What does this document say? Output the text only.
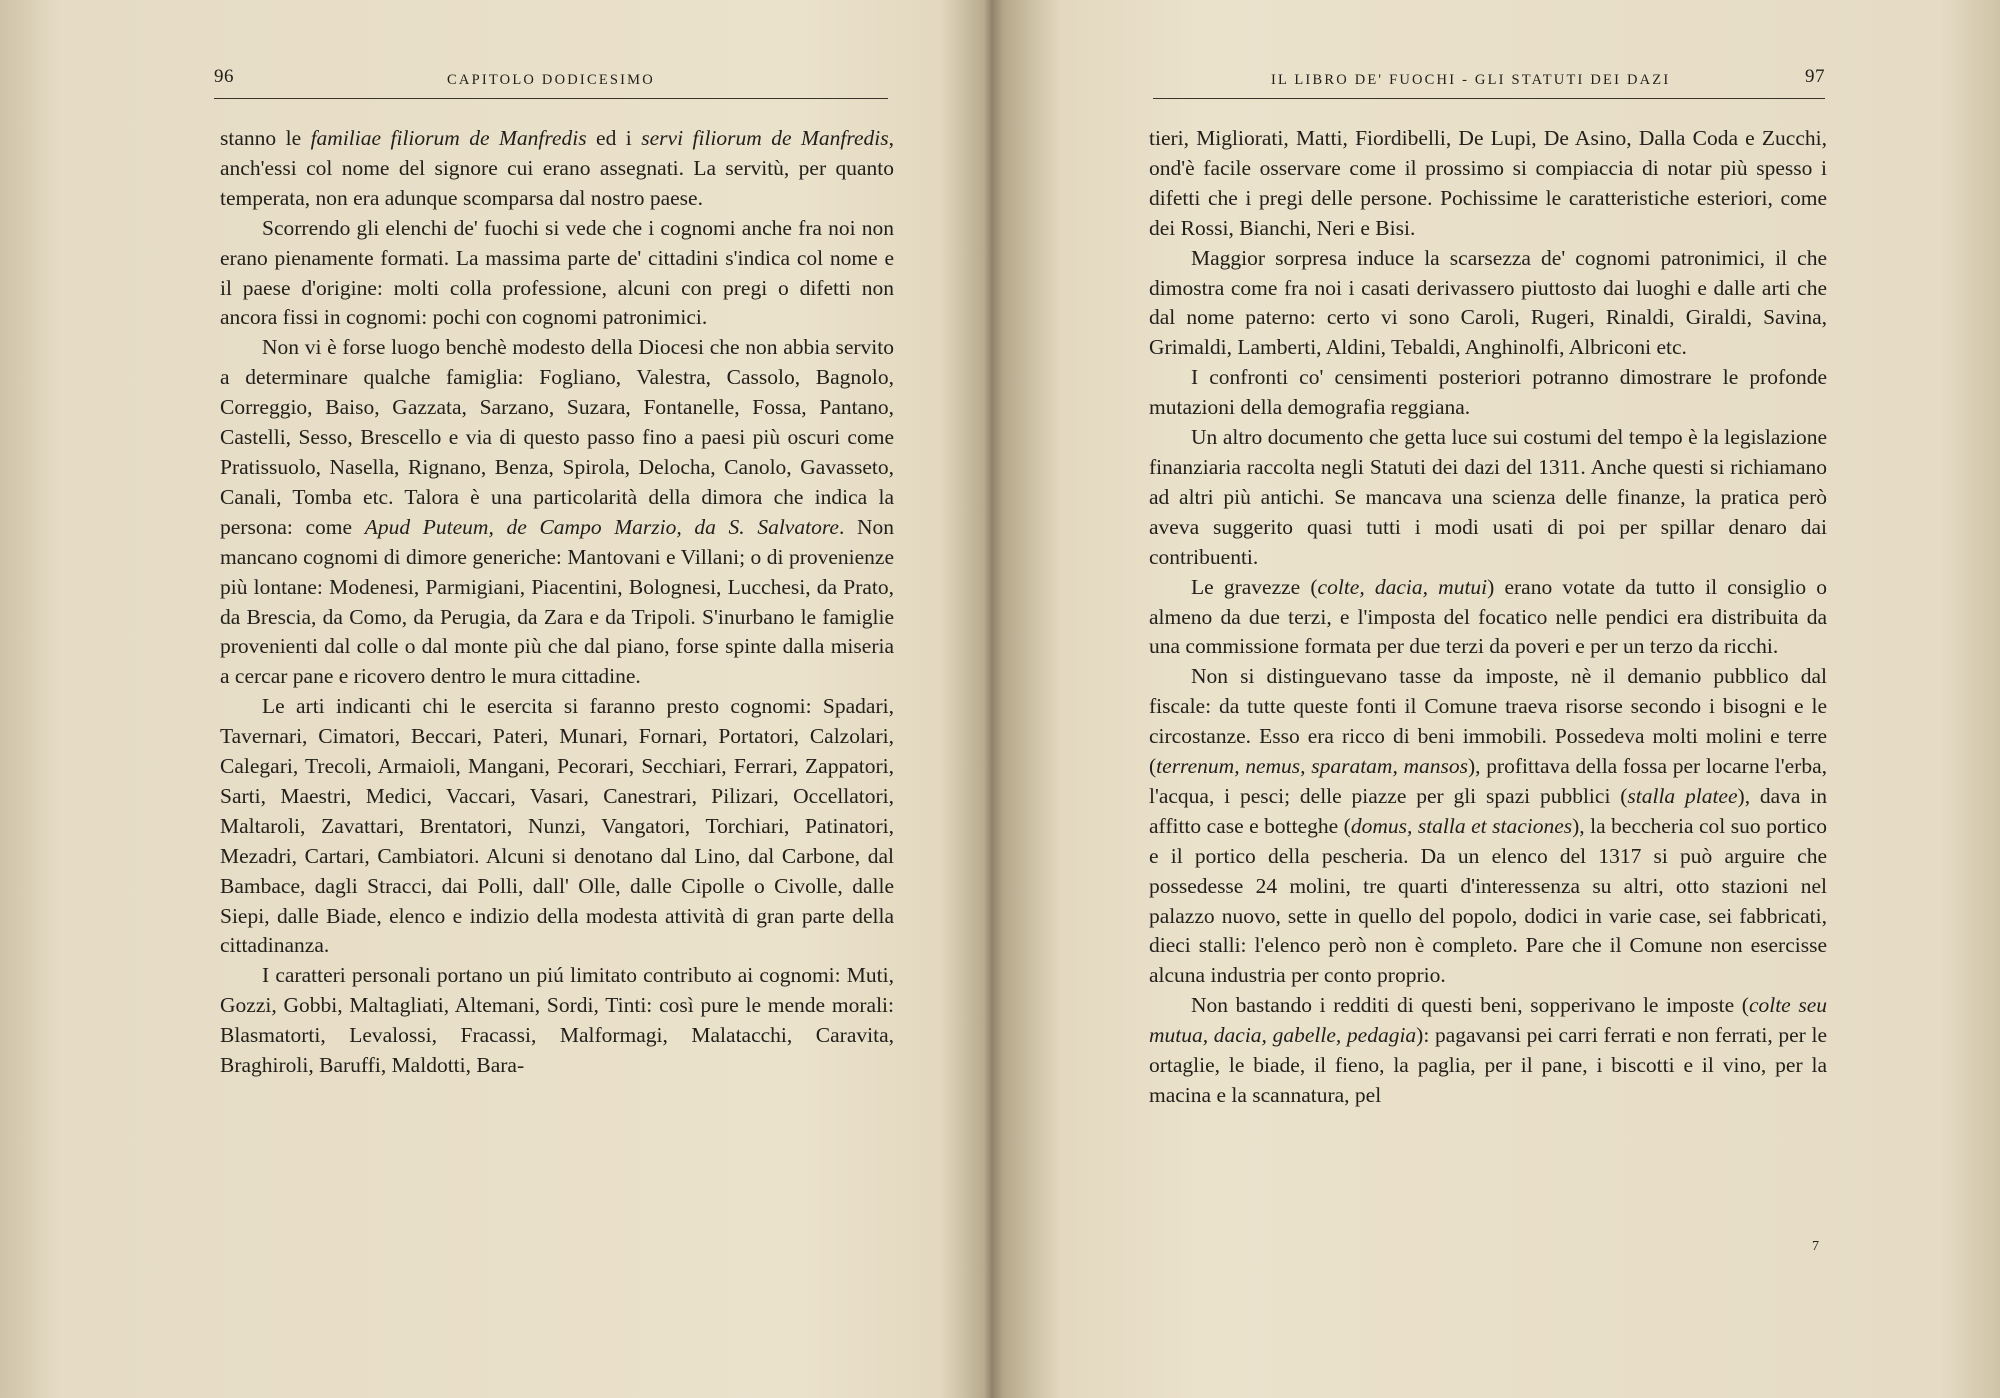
96	CAPITOLO DODICESIMO

stanno le familiae filiorum de Manfredis ed i servi filiorum de Manfredis, anch'essi col nome del signore cui erano assegnati. La servitù, per quanto temperata, non era adunque scomparsa dal nostro paese.

Scorrendo gli elenchi de' fuochi si vede che i cognomi anche fra noi non erano pienamente formati. La massima parte de' cittadini s'indica col nome e il paese d'origine: molti colla professione, alcuni con pregi o difetti non ancora fissi in cognomi: pochi con cognomi patronimici.

Non vi è forse luogo benchè modesto della Diocesi che non abbia servito a determinare qualche famiglia: Fogliano, Valestra, Cassolo, Bagnolo, Correggio, Baiso, Gazzata, Sarzano, Suzara, Fontanelle, Fossa, Pantano, Castelli, Sesso, Brescello e via di questo passo fino a paesi più oscuri come Pratissuolo, Nasella, Rignano, Benza, Spirola, Delocha, Canolo, Gavasseto, Canali, Tomba etc. Talora è una particolarità della dimora che indica la persona: come Apud Puteum, de Campo Marzio, da S. Salvatore. Non mancano cognomi di dimore generiche: Mantovani e Villani; o di provenienze più lontane: Modenesi, Parmigiani, Piacentini, Bolognesi, Lucchesi, da Prato, da Brescia, da Como, da Perugia, da Zara e da Tripoli. S'inurbano le famiglie provenienti dal colle o dal monte più che dal piano, forse spinte dalla miseria a cercar pane e ricovero dentro le mura cittadine.

Le arti indicanti chi le esercita si faranno presto cognomi: Spadari, Tavernari, Cimatori, Beccari, Pateri, Munari, Fornari, Portatori, Calzolari, Calegari, Trecoli, Armaioli, Mangani, Pecorari, Secchiari, Ferrari, Zappatori, Sarti, Maestri, Medici, Vaccari, Vasari, Canestrari, Pilizari, Occellatori, Maltaroli, Zavattari, Brentatori, Nunzi, Vangatori, Torchiari, Patinatori, Mezadri, Cartari, Cambiatori. Alcuni si denotano dal Lino, dal Carbone, dal Bambace, dagli Stracci, dai Polli, dall' Olle, dalle Cipolle o Civolle, dalle Siepi, dalle Biade, elenco e indizio della modesta attività di gran parte della cittadinanza.

I caratteri personali portano un piú limitato contributo ai cognomi: Muti, Gozzi, Gobbi, Maltagliati, Altemani, Sordi, Tinti: così pure le mende morali: Blasmatorti, Levalossi, Fracassi, Malformagi, Malatacchi, Caravita, Braghiroli, Baruffi, Maldotti, Bara-

IL LIBRO DE' FUOCHI - GLI STATUTI DEI DAZI	97

tieri, Migliorati, Matti, Fiordibelli, De Lupi, De Asino, Dalla Coda e Zucchi, ond'è facile osservare come il prossimo si compiaccia di notar più spesso i difetti che i pregi delle persone. Pochissime le caratteristiche esteriori, come dei Rossi, Bianchi, Neri e Bisi.

Maggior sorpresa induce la scarsezza de' cognomi patronimici, il che dimostra come fra noi i casati derivassero piuttosto dai luoghi e dalle arti che dal nome paterno: certo vi sono Caroli, Rugeri, Rinaldi, Giraldi, Savina, Grimaldi, Lamberti, Aldini, Tebaldi, Anghinolfi, Albriconi etc.

I confronti co' censimenti posteriori potranno dimostrare le profonde mutazioni della demografia reggiana.

Un altro documento che getta luce sui costumi del tempo è la legislazione finanziaria raccolta negli Statuti dei dazi del 1311. Anche questi si richiamano ad altri più antichi. Se mancava una scienza delle finanze, la pratica però aveva suggerito quasi tutti i modi usati di poi per spillar denaro dai contribuenti.

Le gravezze (colte, dacia, mutui) erano votate da tutto il consiglio o almeno da due terzi, e l'imposta del focatico nelle pendici era distribuita da una commissione formata per due terzi da poveri e per un terzo da ricchi.

Non si distinguevano tasse da imposte, nè il demanio pubblico dal fiscale: da tutte queste fonti il Comune traeva risorse secondo i bisogni e le circostanze. Esso era ricco di beni immobili. Possedeva molti molini e terre (terrenum, nemus, sparatam, mansos), profittava della fossa per locarne l'erba, l'acqua, i pesci; delle piazze per gli spazi pubblici (stalla platee), dava in affitto case e botteghe (domus, stalla et staciones), la beccheria col suo portico e il portico della pescheria. Da un elenco del 1317 si può arguire che possedesse 24 molini, tre quarti d'interessenza su altri, otto stazioni nel palazzo nuovo, sette in quello del popolo, dodici in varie case, sei fabbricati, dieci stalli: l'elenco però non è completo. Pare che il Comune non esercisse alcuna industria per conto proprio.

Non bastando i redditi di questi beni, sopperivano le imposte (colte seu mutua, dacia, gabelle, pedagia): pagavansi pei carri ferrati e non ferrati, per le ortaglie, le biade, il fieno, la paglia, per il pane, i biscotti e il vino, per la macina e la scannatura, pel

7
